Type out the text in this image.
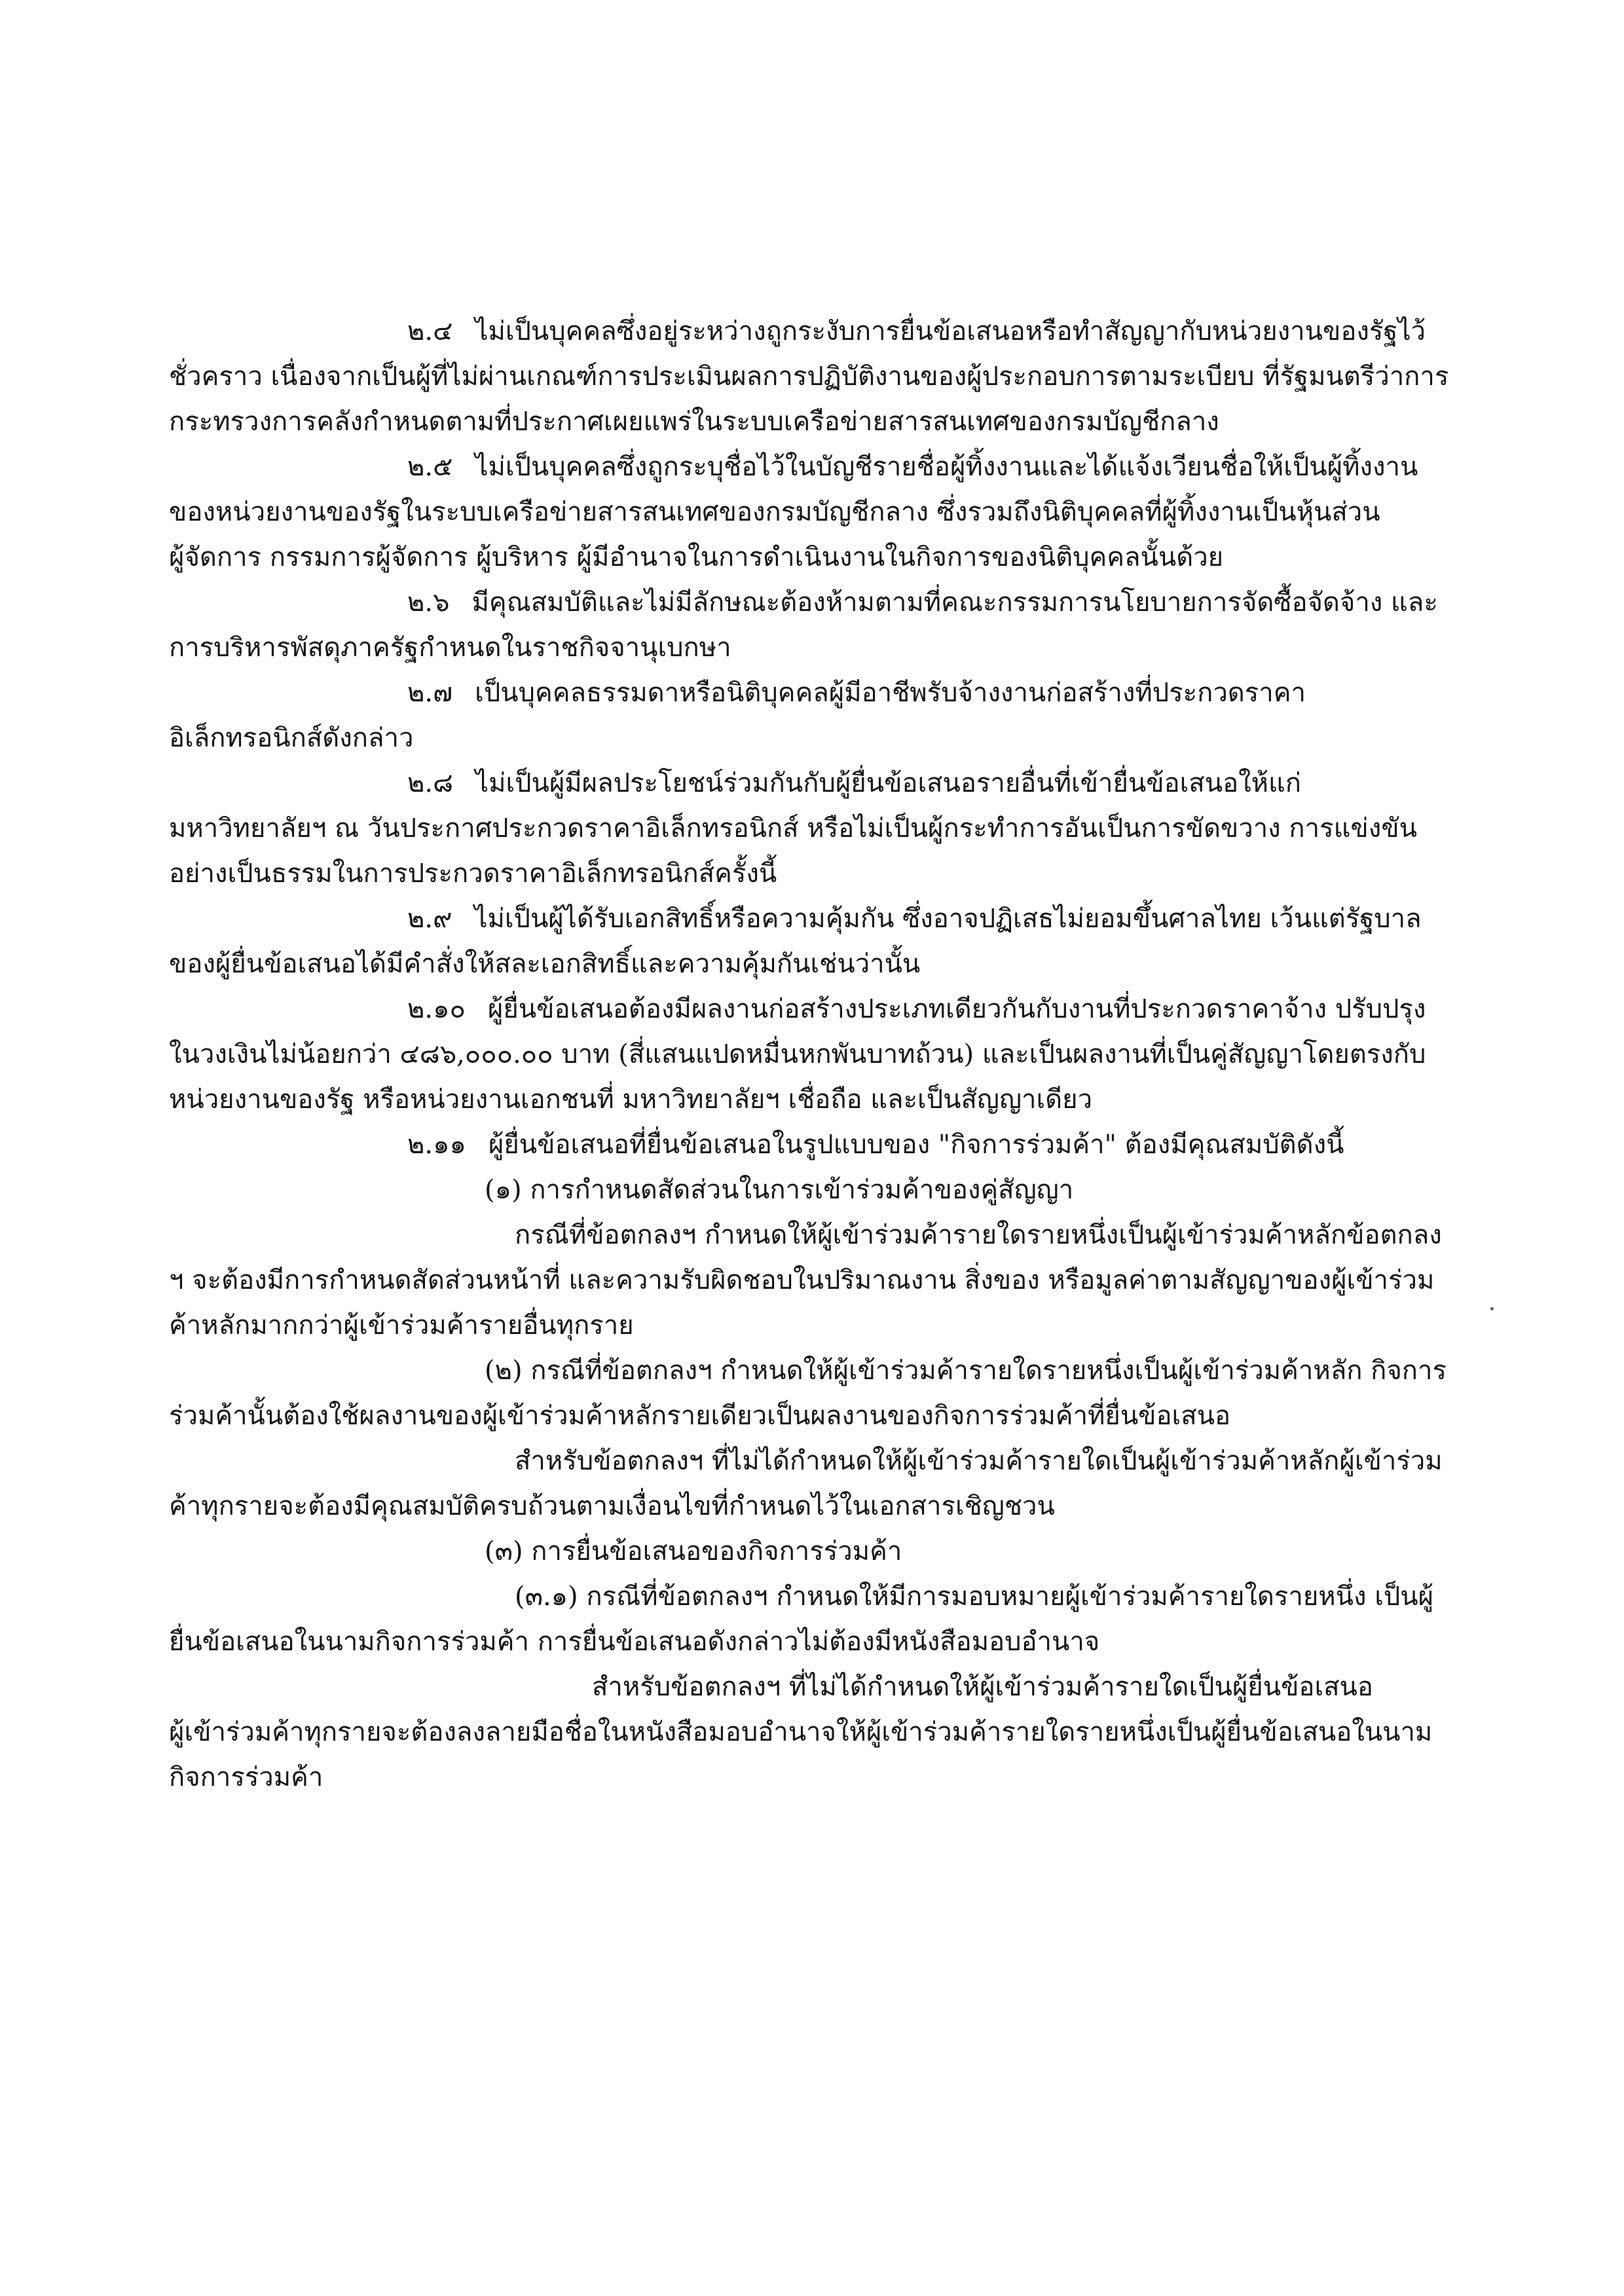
๒.๔ ไม่เป็นบุคคลซึ่งอยู่ระหว่างถูกระงับการยื่นข้อเสนอหรือทำสัญญากับหน่วยงานของรัฐไว้
ชั่วคราว เนื่องจากเป็นผู้ที่ไม่ผ่านเกณฑ์การประเมินผลการปฏิบัติงานของผู้ประกอบการตามระเบียบ ที่รัฐมนตรีว่าการ
กระทรวงการคลังกำหนดตามที่ประกาศเผยแพร่ในระบบเครือข่ายสารสนเทศของกรมบัญชีกลาง
๒.๕ ไม่เป็นบุคคลซึ่งถูกระบุชื่อไว้ในบัญชีรายชื่อผู้ทิ้งงานและได้แจ้งเวียนชื่อให้เป็นผู้ทิ้งงาน
ของหน่วยงานของรัฐในระบบเครือข่ายสารสนเทศของกรมบัญชีกลาง ซึ่งรวมถึงนิติบุคคลที่ผู้ทิ้งงานเป็นหุ้นส่วน
ผู้จัดการ กรรมการผู้จัดการ ผู้บริหาร ผู้มีอำนาจในการดำเนินงานในกิจการของนิติบุคคลนั้นด้วย
๒.๖ มีคุณสมบัติและไม่มีลักษณะต้องห้ามตามที่คณะกรรมการนโยบายการจัดซื้อจัดจ้าง และ
การบริหารพัสดุภาครัฐกำหนดในราชกิจจานุเบกษา
๒.๗ เป็นบุคคลธรรมดาหรือนิติบุคคลผู้มีอาชีพรับจ้างงานก่อสร้างที่ประกวดราคา
อิเล็กทรอนิกส์ดังกล่าว
๒.๘ ไม่เป็นผู้มีผลประโยชน์ร่วมกันกับผู้ยื่นข้อเสนอรายอื่นที่เข้ายื่นข้อเสนอให้แก่
มหาวิทยาลัยฯ ณ วันประกาศประกวดราคาอิเล็กทรอนิกส์ หรือไม่เป็นผู้กระทำการอันเป็นการขัดขวาง การแข่งขัน
อย่างเป็นธรรมในการประกวดราคาอิเล็กทรอนิกส์ครั้งนี้
๒.๙ ไม่เป็นผู้ได้รับเอกสิทธิ์หรือความคุ้มกัน ซึ่งอาจปฏิเสธไม่ยอมขึ้นศาลไทย เว้นแต่รัฐบาล
ของผู้ยื่นข้อเสนอได้มีคำสั่งให้สละเอกสิทธิ์และความคุ้มกันเช่นว่านั้น
๒.๑๐ ผู้ยื่นข้อเสนอต้องมีผลงานก่อสร้างประเภทเดียวกันกับงานที่ประกวดราคาจ้าง ปรับปรุง
ในวงเงินไม่น้อยกว่า ๔๘๖,๐๐๐.๐๐ บาท (สี่แสนแปดหมื่นหกพันบาทถ้วน) และเป็นผลงานที่เป็นคู่สัญญาโดยตรงกับ
หน่วยงานของรัฐ หรือหน่วยงานเอกชนที่ มหาวิทยาลัยฯ เชื่อถือ และเป็นสัญญาเดียว
๒.๑๑ ผู้ยื่นข้อเสนอที่ยื่นข้อเสนอในรูปแบบของ "กิจการร่วมค้า" ต้องมีคุณสมบัติดังนี้
(๑) การกำหนดสัดส่วนในการเข้าร่วมค้าของคู่สัญญา
กรณีที่ข้อตกลงฯ กำหนดให้ผู้เข้าร่วมค้ารายใดรายหนึ่งเป็นผู้เข้าร่วมค้าหลักข้อตกลง
ฯ จะต้องมีการกำหนดสัดส่วนหน้าที่ และความรับผิดชอบในปริมาณงาน สิ่งของ หรือมูลค่าตามสัญญาของผู้เข้าร่วม
ค้าหลักมากกว่าผู้เข้าร่วมค้ารายอื่นทุกราย
(๒) กรณีที่ข้อตกลงฯ กำหนดให้ผู้เข้าร่วมค้ารายใดรายหนึ่งเป็นผู้เข้าร่วมค้าหลัก กิจการ
ร่วมค้านั้นต้องใช้ผลงานของผู้เข้าร่วมค้าหลักรายเดียวเป็นผลงานของกิจการร่วมค้าที่ยื่นข้อเสนอ
สำหรับข้อตกลงฯ ที่ไม่ได้กำหนดให้ผู้เข้าร่วมค้ารายใดเป็นผู้เข้าร่วมค้าหลักผู้เข้าร่วม
ค้าทุกรายจะต้องมีคุณสมบัติครบถ้วนตามเงื่อนไขที่กำหนดไว้ในเอกสารเชิญชวน
(๓) การยื่นข้อเสนอของกิจการร่วมค้า
(๓.๑) กรณีที่ข้อตกลงฯ กำหนดให้มีการมอบหมายผู้เข้าร่วมค้ารายใดรายหนึ่ง เป็นผู้
ยื่นข้อเสนอในนามกิจการร่วมค้า การยื่นข้อเสนอดังกล่าวไม่ต้องมีหนังสือมอบอำนาจ
สำหรับข้อตกลงฯ ที่ไม่ได้กำหนดให้ผู้เข้าร่วมค้ารายใดเป็นผู้ยื่นข้อเสนอ
ผู้เข้าร่วมค้าทุกรายจะต้องลงลายมือชื่อในหนังสือมอบอำนาจให้ผู้เข้าร่วมค้ารายใดรายหนึ่งเป็นผู้ยื่นข้อเสนอในนาม
กิจการร่วมค้า
